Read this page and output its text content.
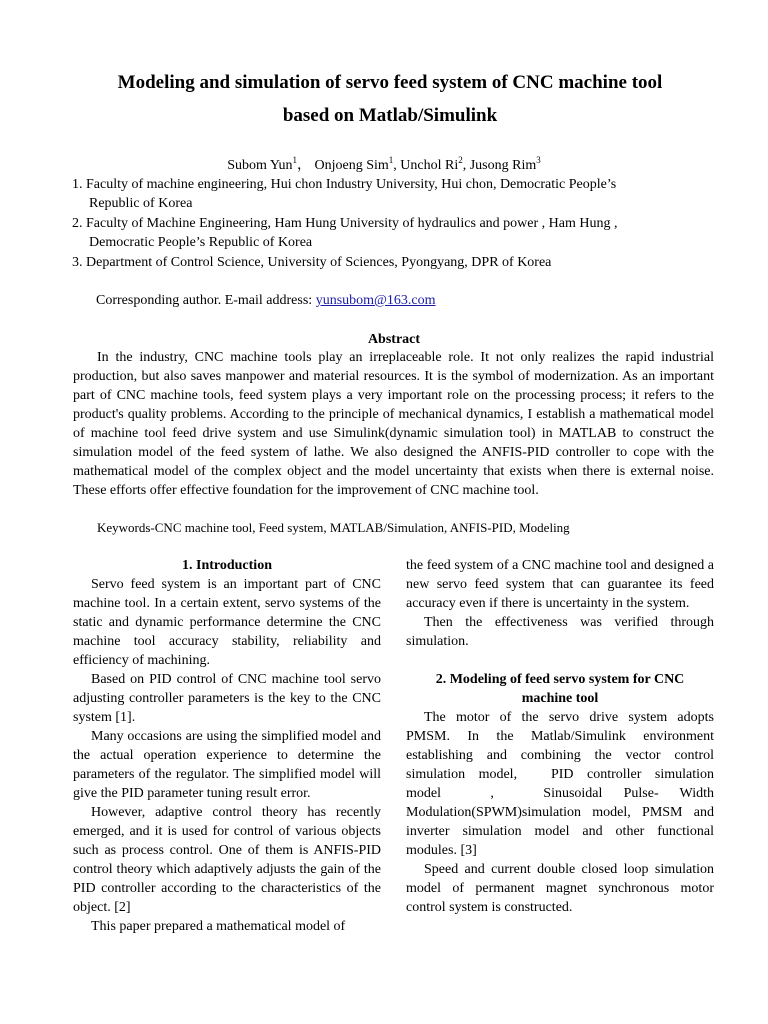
Modeling and simulation of servo feed system of CNC machine tool
based on Matlab/Simulink
Subom Yun$^1$， Onjoeng Sim$^1$, Unchol Ri$^2$, Jusong Rim$^3$
1. Faculty of machine engineering, Hui chon Industry University, Hui chon, Democratic People’s
Republic of Korea
2. Faculty of Machine Engineering, Ham Hung University of hydraulics and power , Ham Hung ,
Democratic People’s Republic of Korea
3. Department of Control Science, University of Sciences, Pyongyang, DPR of Korea
Corresponding author. E-mail address: yunsubom@163.com
Abstract

In the industry, CNC machine tools play an irreplaceable role. It not only realizes the rapid industrial production, but also saves manpower and material resources. It is the symbol of modernization. As an important part of CNC machine tools, feed system plays a very important role on the processing process; it refers to the product's quality problems. According to the principle of mechanical dynamics, I establish a mathematical model of machine tool feed drive system and use Simulink(dynamic simulation tool) in MATLAB to construct the simulation model of the feed system of lathe. We also designed the ANFIS-PID controller to cope with the mathematical model of the complex object and the model uncertainty that exists when there is external noise. These efforts offer effective foundation for the improvement of CNC machine tool.

Keywords-CNC machine tool, Feed system, MATLAB/Simulation, ANFIS-PID, Modeling
1. Introduction

Servo feed system is an important part of CNC machine tool. In a certain extent, servo systems of the static and dynamic performance determine the CNC machine tool accuracy stability, reliability and efficiency of machining.

Based on PID control of CNC machine tool servo adjusting controller parameters is the key to the CNC system [1].

Many occasions are using the simplified model and the actual operation experience to determine the parameters of the regulator. The simplified model will give the PID parameter tuning result error.

However, adaptive control theory has recently emerged, and it is used for control of various objects such as process control. One of them is ANFIS-PID control theory which adaptively adjusts the gain of the PID controller according to the characteristics of the object. [2]

This paper prepared a mathematical model of

the feed system of a CNC machine tool and designed a new servo feed system that can guarantee its feed accuracy even if there is uncertainty in the system.

Then the effectiveness was verified through simulation.

2. Modeling of feed servo system for CNC
machine tool

The motor of the servo drive system adopts PMSM. In the Matlab/Simulink environment establishing and combining the vector control simulation model,　PID controller simulation model　,　Sinusoidal Pulse- Width Modulation(SPWM)simulation model, PMSM and inverter simulation model and other functional modules. [3]

Speed and current double closed loop simulation model of permanent magnet synchronous motor control system is constructed.
